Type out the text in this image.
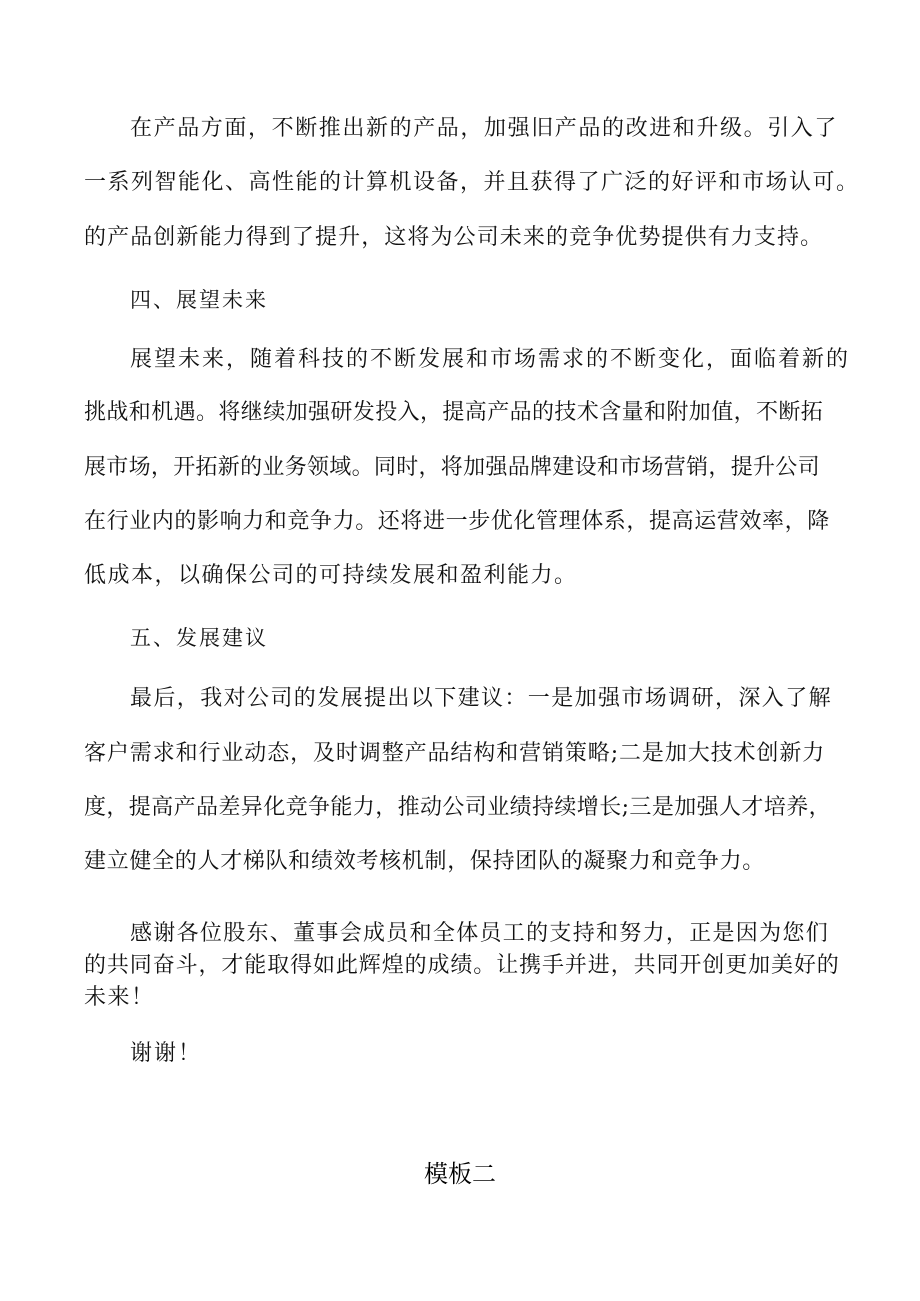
在产品方面，不断推出新的产品，加强旧产品的改进和升级。引入了
一系列智能化、高性能的计算机设备，并且获得了广泛的好评和市场认可。
的产品创新能力得到了提升，这将为公司未来的竞争优势提供有力支持。
四、展望未来
展望未来，随着科技的不断发展和市场需求的不断变化，面临着新的
挑战和机遇。将继续加强研发投入，提高产品的技术含量和附加值，不断拓
展市场，开拓新的业务领域。同时，将加强品牌建设和市场营销，提升公司
在行业内的影响力和竞争力。还将进一步优化管理体系，提高运营效率，降
低成本，以确保公司的可持续发展和盈利能力。
五、发展建议
最后，我对公司的发展提出以下建议：一是加强市场调研，深入了解
客户需求和行业动态，及时调整产品结构和营销策略;二是加大技术创新力
度，提高产品差异化竞争能力，推动公司业绩持续增长;三是加强人才培养，
建立健全的人才梯队和绩效考核机制，保持团队的凝聚力和竞争力。
感谢各位股东、董事会成员和全体员工的支持和努力，正是因为您们
的共同奋斗，才能取得如此辉煌的成绩。让携手并进，共同开创更加美好的
未来！
谢谢！
模板二
